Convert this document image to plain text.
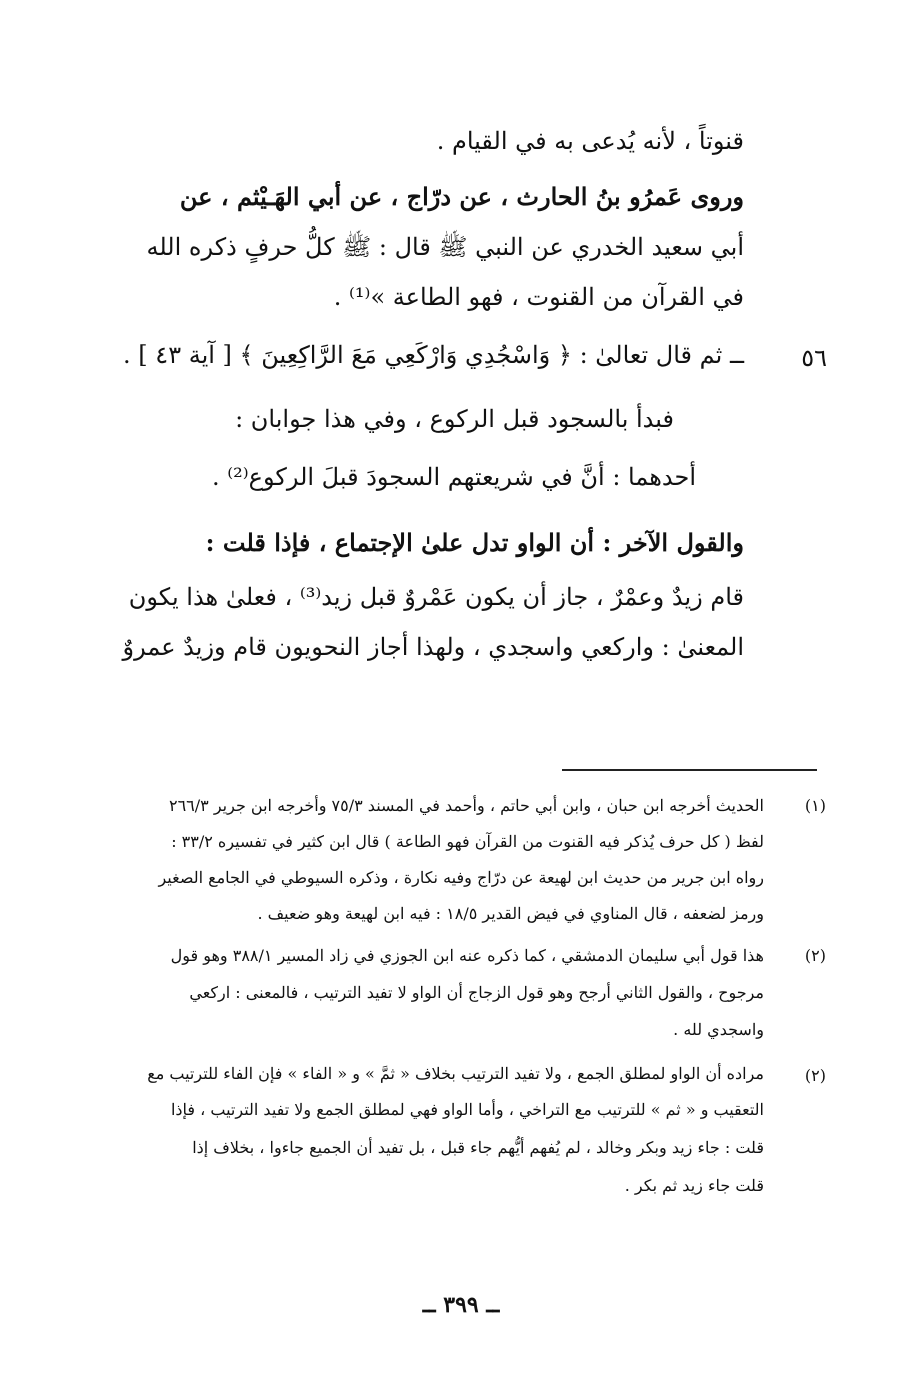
قنوتاً ، لأنه يُدعى به في القيام .
وروى عَمرُو بنُ الحارث ، عن درّاج ، عن أبي الهَـيْثم ، عن
أبي سعيد الخدري عن النبي ﷺ قال : ﷺ كلُّ حرفٍ ذكره الله
في القرآن من القنوت ، فهو الطاعة »⁽¹⁾ .
٥٦
ــ ثم قال تعالىٰ : ﴿ وَاسْجُدِي وَارْكَعِي مَعَ الرَّاكِعِينَ ﴾ [ آية ٤٣ ] .
فبدأ بالسجود قبل الركوع ، وفي هذا جوابان :
أحدهما : أنَّ في شريعتهم السجودَ قبلَ الركوع⁽²⁾ .
والقول الآخر : أن الواو تدل علىٰ الإجتماع ، فإذا قلت :
قام زيدٌ وعمْرٌ ، جاز أن يكون عَمْروٌ قبل زيد⁽³⁾ ، فعلىٰ هذا يكون
المعنىٰ : واركعي واسجدي ، ولهذا أجاز النحويون قام وزيدٌ عمروٌ
(١)
الحديث أخرجه ابن حبان ، وابن أبي حاتم ، وأحمد في المسند ٧٥/٣ وأخرجه ابن جرير ٢٦٦/٣
لفظ ( كل حرف يُذكر فيه القنوت من القرآن فهو الطاعة ) قال ابن كثير في تفسيره ٣٣/٢ :
رواه ابن جرير من حديث ابن لهيعة عن درّاج وفيه نكارة ، وذكره السيوطي في الجامع الصغير
ورمز لضعفه ، قال المناوي في فيض القدير ١٨/٥ : فيه ابن لهيعة وهو ضعيف .
(٢)
هذا قول أبي سليمان الدمشقي ، كما ذكره عنه ابن الجوزي في زاد المسير ٣٨٨/١ وهو قول
مرجوح ، والقول الثاني أرجح وهو قول الزجاج أن الواو لا تفيد الترتيب ، فالمعنى : اركعي
واسجدي لله .
(٢)
مراده أن الواو لمطلق الجمع ، ولا تفيد الترتيب بخلاف « ثمَّ » و « الفاء » فإن الفاء للترتيب مع
التعقيب و « ثم » للترتيب مع التراخي ، وأما الواو فهي لمطلق الجمع ولا تفيد الترتيب ، فإذا
قلت : جاء زيد وبكر وخالد ، لم يُفهم أيُّهم جاء قبل ، بل تفيد أن الجميع جاءوا ، بخلاف إذا
قلت جاء زيد ثم بكر .
ــ ٣٩٩ ــ
